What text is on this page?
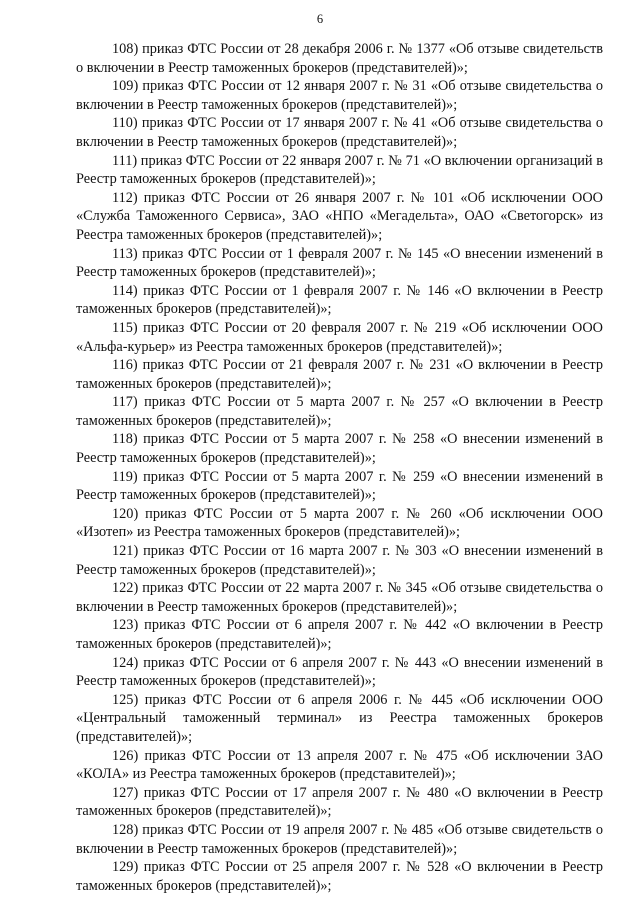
6

108) приказ ФТС России от 28 декабря 2006 г. № 1377 «Об отзыве свидетельств о включении в Реестр таможенных брокеров (представителей)»;

109) приказ ФТС России от 12 января 2007 г. № 31 «Об отзыве свидетельства о включении в Реестр таможенных брокеров (представителей)»;

110) приказ ФТС России от 17 января 2007 г. № 41 «Об отзыве свидетельства о включении в Реестр таможенных брокеров (представителей)»;

111) приказ ФТС России от 22 января 2007 г. № 71 «О включении организаций в Реестр таможенных брокеров (представителей)»;

112) приказ ФТС России от 26 января 2007 г. № 101 «Об исключении ООО «Служба Таможенного Сервиса», ЗАО «НПО «Мегадельта», ОАО «Светогорск» из Реестра таможенных брокеров (представителей)»;

113) приказ ФТС России от 1 февраля 2007 г. № 145 «О внесении изменений в Реестр таможенных брокеров (представителей)»;

114) приказ ФТС России от 1 февраля 2007 г. № 146 «О включении в Реестр таможенных брокеров (представителей)»;

115) приказ ФТС России от 20 февраля 2007 г. № 219 «Об исключении ООО «Альфа-курьер» из Реестра таможенных брокеров (представителей)»;

116) приказ ФТС России от 21 февраля 2007 г. № 231 «О включении в Реестр таможенных брокеров (представителей)»;

117) приказ ФТС России от 5 марта 2007 г. № 257 «О включении в Реестр таможенных брокеров (представителей)»;

118) приказ ФТС России от 5 марта 2007 г. № 258 «О внесении изменений в Реестр таможенных брокеров (представителей)»;

119) приказ ФТС России от 5 марта 2007 г. № 259 «О внесении изменений в Реестр таможенных брокеров (представителей)»;

120) приказ ФТС России от 5 марта 2007 г. № 260 «Об исключении ООО «Изотеп» из Реестра таможенных брокеров (представителей)»;

121) приказ ФТС России от 16 марта 2007 г. № 303 «О внесении изменений в Реестр таможенных брокеров (представителей)»;

122) приказ ФТС России от 22 марта 2007 г. № 345 «Об отзыве свидетельства о включении в Реестр таможенных брокеров (представителей)»;

123) приказ ФТС России от 6 апреля 2007 г. № 442 «О включении в Реестр таможенных брокеров (представителей)»;

124) приказ ФТС России от 6 апреля 2007 г. № 443 «О внесении изменений в Реестр таможенных брокеров (представителей)»;

125) приказ ФТС России от 6 апреля 2006 г. № 445 «Об исключении ООО «Центральный таможенный терминал» из Реестра таможенных брокеров (представителей)»;

126) приказ ФТС России от 13 апреля 2007 г. № 475 «Об исключении ЗАО «КОЛА» из Реестра таможенных брокеров (представителей)»;

127) приказ ФТС России от 17 апреля 2007 г. № 480 «О включении в Реестр таможенных брокеров (представителей)»;

128) приказ ФТС России от 19 апреля 2007 г. № 485 «Об отзыве свидетельств о включении в Реестр таможенных брокеров (представителей)»;

129) приказ ФТС России от 25 апреля 2007 г. № 528 «О включении в Реестр таможенных брокеров (представителей)»;
